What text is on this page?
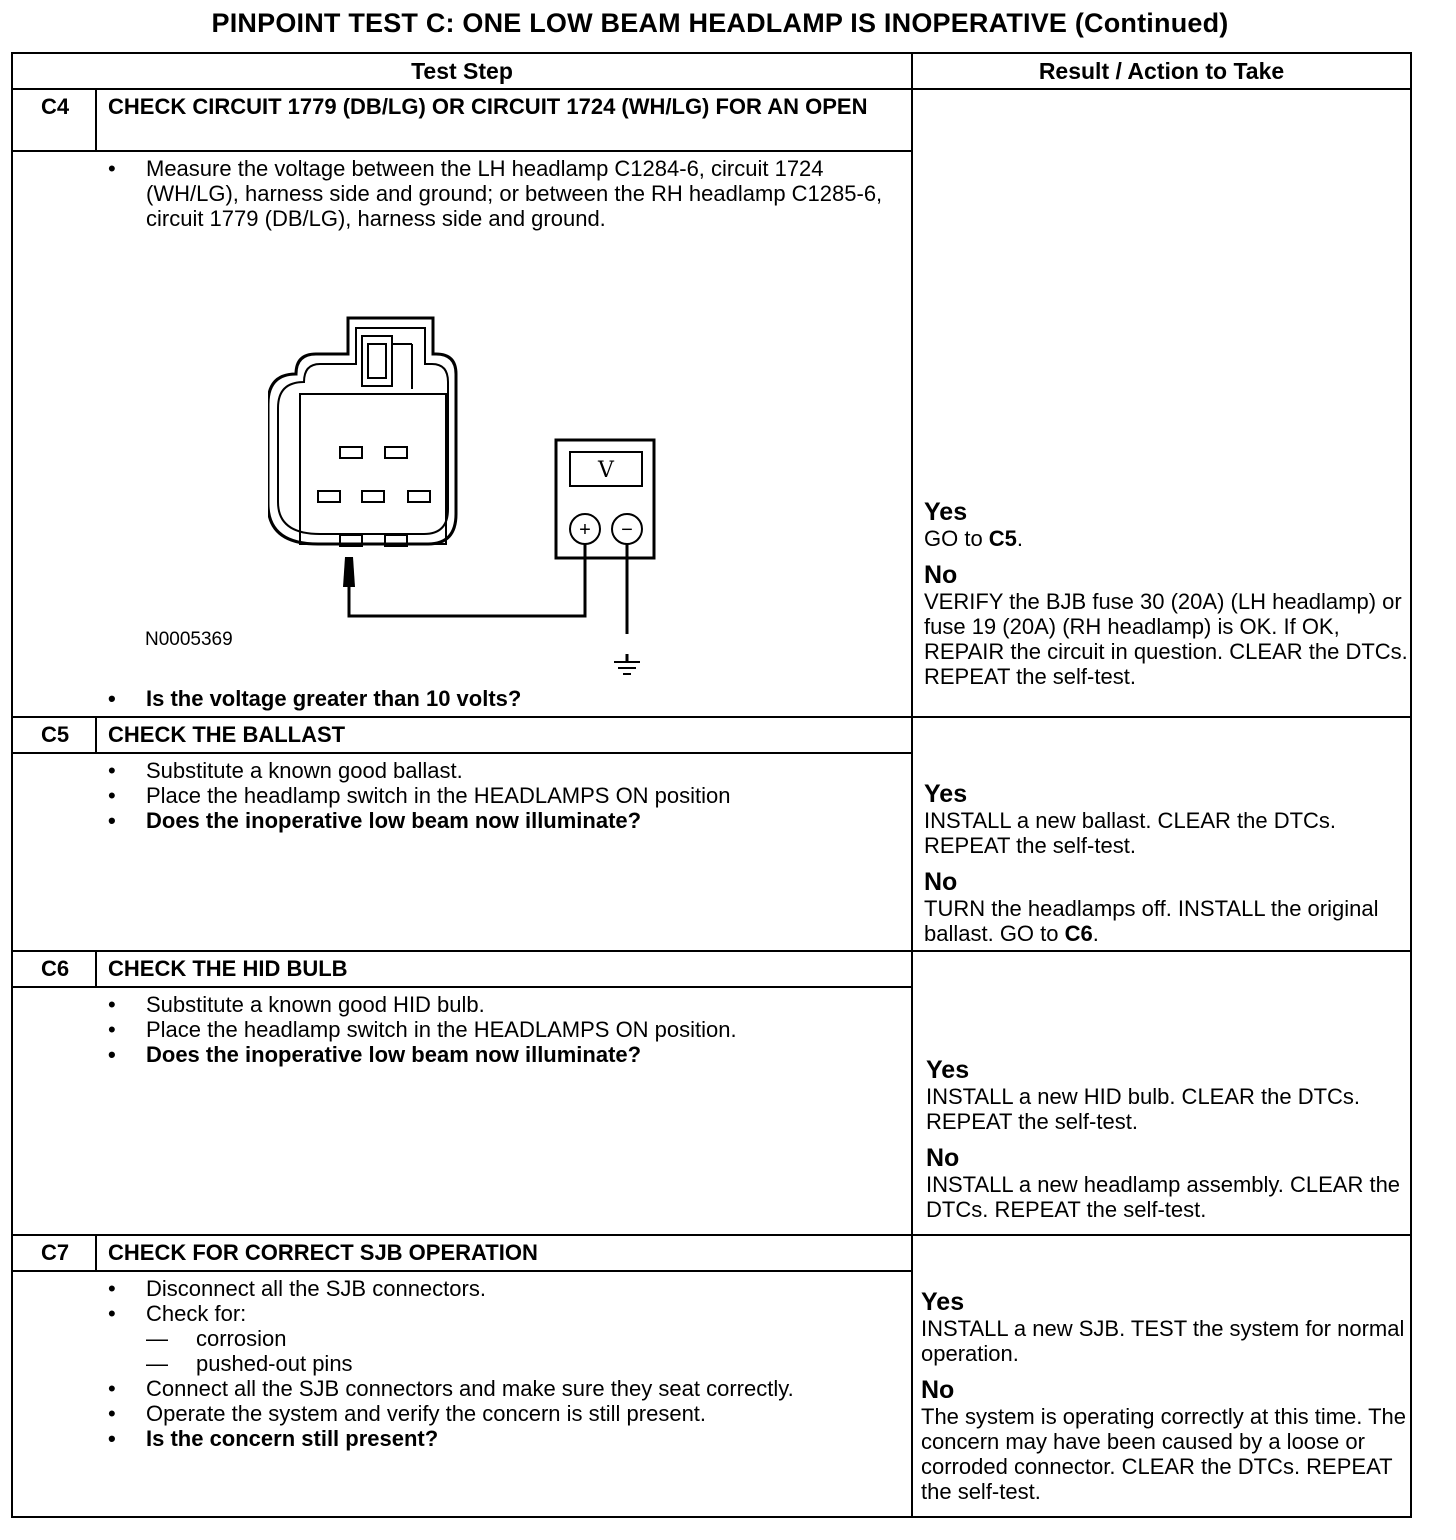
PINPOINT TEST C: ONE LOW BEAM HEADLAMP IS INOPERATIVE (Continued)
Test Step	Result / Action to Take
C4	CHECK CIRCUIT 1779 (DB/LG) OR CIRCUIT 1724 (WH/LG) FOR AN OPEN
• Measure the voltage between the LH headlamp C1284-6, circuit 1724 (WH/LG), harness side and ground; or between the RH headlamp C1285-6, circuit 1779 (DB/LG), harness side and ground.
V
+ −
N0005369
• Is the voltage greater than 10 volts?
Yes
GO to C5.
No
VERIFY the BJB fuse 30 (20A) (LH headlamp) or fuse 19 (20A) (RH headlamp) is OK. If OK, REPAIR the circuit in question. CLEAR the DTCs. REPEAT the self-test.
C5	CHECK THE BALLAST
• Substitute a known good ballast.
• Place the headlamp switch in the HEADLAMPS ON position
• Does the inoperative low beam now illuminate?
Yes
INSTALL a new ballast. CLEAR the DTCs. REPEAT the self-test.
No
TURN the headlamps off. INSTALL the original ballast. GO to C6.
C6	CHECK THE HID BULB
• Substitute a known good HID bulb.
• Place the headlamp switch in the HEADLAMPS ON position.
• Does the inoperative low beam now illuminate?
Yes
INSTALL a new HID bulb. CLEAR the DTCs. REPEAT the self-test.
No
INSTALL a new headlamp assembly. CLEAR the DTCs. REPEAT the self-test.
C7	CHECK FOR CORRECT SJB OPERATION
• Disconnect all the SJB connectors.
• Check for:
— corrosion
— pushed-out pins
• Connect all the SJB connectors and make sure they seat correctly.
• Operate the system and verify the concern is still present.
• Is the concern still present?
Yes
INSTALL a new SJB. TEST the system for normal operation.
No
The system is operating correctly at this time. The concern may have been caused by a loose or corroded connector. CLEAR the DTCs. REPEAT the self-test.
